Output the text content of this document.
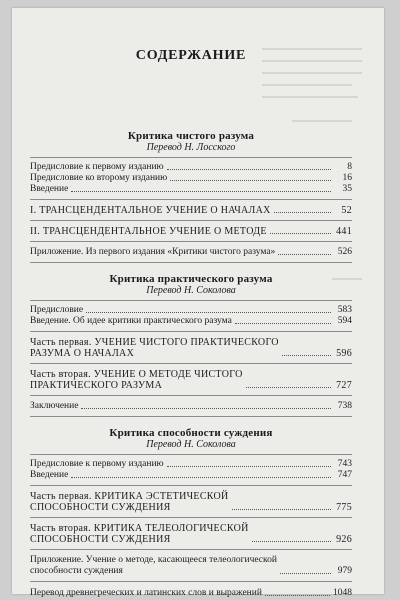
СОДЕРЖАНИЕ
Критика чистого разума
Перевод Н. Лосского
Предисловие к первому изданию	8
Предисловие ко второму изданию	16
Введение	35
I. ТРАНСЦЕНДЕНТАЛЬНОЕ УЧЕНИЕ О НАЧАЛАХ	52
II. ТРАНСЦЕНДЕНТАЛЬНОЕ УЧЕНИЕ О МЕТОДЕ	441
Приложение. Из первого издания «Критики чистого разума»	526
Критика практического разума
Перевод Н. Соколова
Предисловие	583
Введение. Об идее критики практического разума	594
Часть первая. УЧЕНИЕ ЧИСТОГО ПРАКТИЧЕСКОГО
РАЗУМА О НАЧАЛАХ	596
Часть вторая. УЧЕНИЕ О МЕТОДЕ ЧИСТОГО
ПРАКТИЧЕСКОГО РАЗУМА	727
Заключение	738
Критика способности суждения
Перевод Н. Соколова
Предисловие к первому изданию	743
Введение	747
Часть первая. КРИТИКА ЭСТЕТИЧЕСКОЙ
СПОСОБНОСТИ СУЖДЕНИЯ	775
Часть вторая. КРИТИКА ТЕЛЕОЛОГИЧЕСКОЙ
СПОСОБНОСТИ СУЖДЕНИЯ	926
Приложение. Учение о методе, касающееся телеологической
способности суждения	979
Перевод древнегреческих и латинских слов и выражений	1048
